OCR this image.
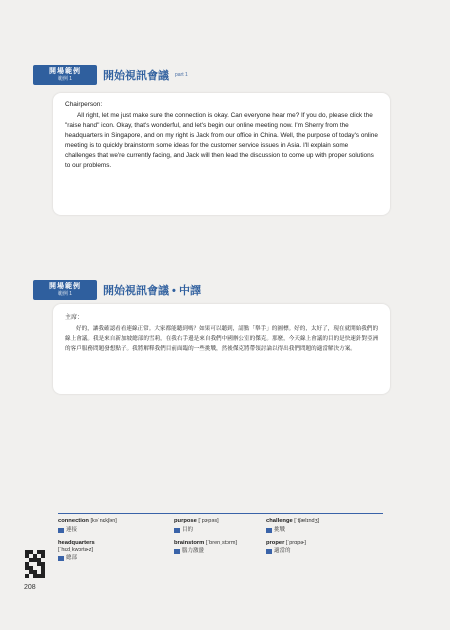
開場範例
範例 1	開始視訊會議 part 1

Chairperson:

All right, let me just make sure the connection is okay. Can everyone hear me? If you do, please click the "raise hand" icon. Okay, that's wonderful, and let's begin our online meeting now. I'm Sherry from the headquarters in Singapore, and on my right is Jack from our office in China. Well, the purpose of today's online meeting is to quickly brainstorm some ideas for the customer service issues in Asia. I'll explain some challenges that we're currently facing, and Jack will then lead the discussion to come up with proper solutions to our problems.

開場範例
範例 1	開始視訊會議 • 中譯

主席：

好的，讓我確認看看連線正常。大家都能聽到嗎？如果可以聽到，請點「舉手」的圖標。好的，太好了，現在就開始我們的線上會議。我是來自新加坡總部的雪莉，在我右手邊是來自我們中國辦公室的傑克。那麼，今天線上會議的目的是快速針對亞洲的客戶服務問題發想點子。我將解釋我們目前面臨的一些挑戰，然後傑克將帶領討論以得出我們問題的適當解決方案。

connection [kəˈnɛkʃən]
連接
purpose [ˈpɝpəs]
目的
challenge [ˈtʃælɪndʒ]
挑戰
headquarters
[ˈhɛdˌkwɔrtɚz]
總部
brainstorm [ˈbrenˌstɔrm]
腦力激盪
proper [ˈprɑpɚ]
適當的
208
